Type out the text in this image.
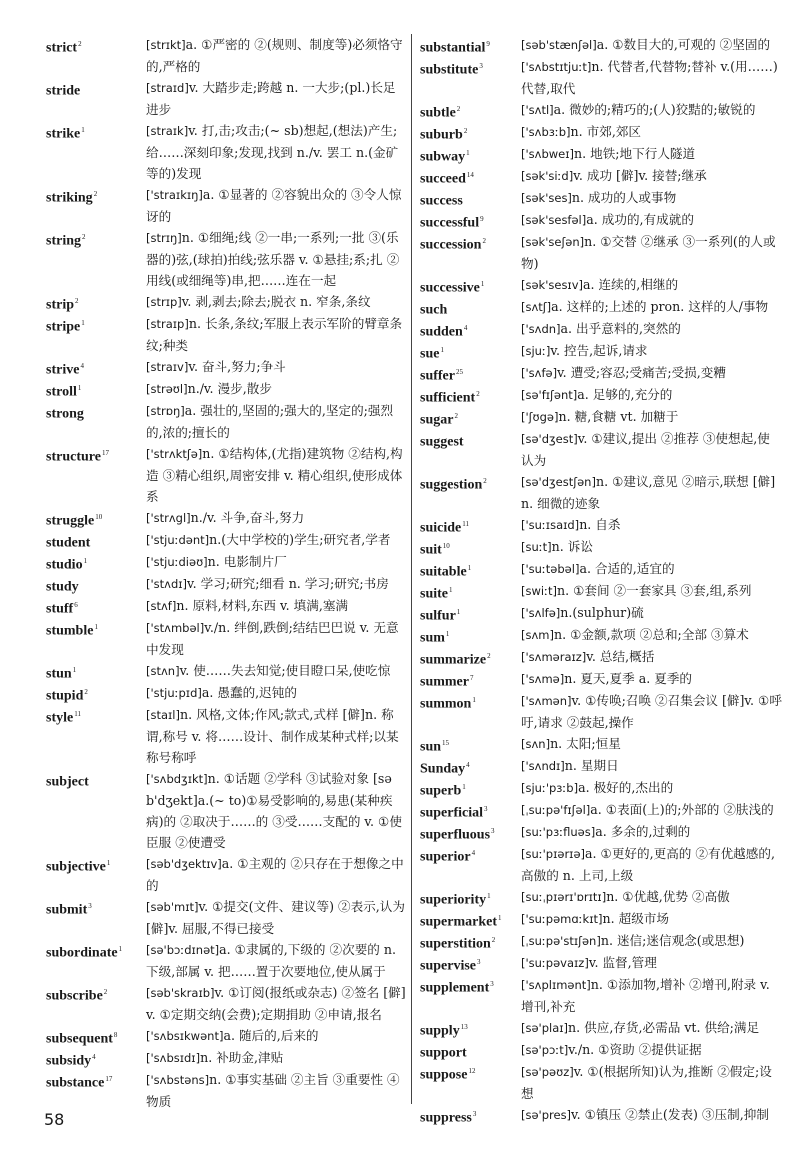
strict$^2$	[strɪkt]a. ①严密的 ②(规则、制度等)必须恪守的,严格的
stride	[straɪd]v. 大踏步走;跨越 n. 一大步;(pl.)长足进步
strike$^1$	[straɪk]v. 打,击;攻击;(~ sb)想起,(想法)产生;给……深刻印象;发现,找到 n./v. 罢工 n.(金矿等的)发现
striking$^2$	['straɪkɪŋ]a. ①显著的 ②容貌出众的 ③令人惊讶的
string$^2$	[strɪŋ]n. ①细绳;线 ②一串;一系列;一批 ③(乐器的)弦,(球拍)拍线;弦乐器 v. ①悬挂;系;扎 ②用线(或细绳等)串,把……连在一起
strip$^2$	[strɪp]v. 剥,剥去;除去;脱衣 n. 窄条,条纹
stripe$^1$	[straɪp]n. 长条,条纹;军服上表示军阶的臂章条纹;种类
strive$^4$	[straɪv]v. 奋斗,努力;争斗
stroll$^1$	[strəʊl]n./v. 漫步,散步
strong	[strɒŋ]a. 强壮的,坚固的;强大的,坚定的;强烈的,浓的;擅长的
structure$^{17}$	['strʌktʃə]n. ①结构体,(尤指)建筑物 ②结构,构造 ③精心组织,周密安排 v. 精心组织,使形成体系
struggle$^{10}$	['strʌgl]n./v. 斗争,奋斗,努力
student	['stjuːdənt]n.(大中学校的)学生;研究者,学者
studio$^1$	['stjuːdiəʊ]n. 电影制片厂
study	['stʌdɪ]v. 学习;研究;细看 n. 学习;研究;书房
stuff$^6$	[stʌf]n. 原料,材料,东西 v. 填满,塞满
stumble$^1$	['stʌmbəl]v./n. 绊倒,跌倒;结结巴巴说 v. 无意中发现
stun$^1$	[stʌn]v. 使……失去知觉;使目瞪口呆,使吃惊
stupid$^2$	['stjuːpɪd]a. 愚蠢的,迟钝的
style$^{11}$	[staɪl]n. 风格,文体;作风;款式,式样 [僻]n. 称谓,称号 v. 将……设计、制作成某种式样;以某称号称呼
subject	['sʌbdʒɪkt]n. ①话题 ②学科 ③试验对象 [səb'dʒekt]a.(~ to)①易受影响的,易患(某种疾病)的 ②取决于……的 ③受……支配的 v. ①使臣服 ②使遭受
subjective$^1$	[səb'dʒektɪv]a. ①主观的 ②只存在于想像之中的
submit$^3$	[səb'mɪt]v. ①提交(文件、建议等) ②表示,认为 [僻]v. 屈服,不得已接受
subordinate$^1$ [sə'bɔːdɪnət]a. ①隶属的,下级的 ②次要的 n. 下级,部属 v. 把……置于次要地位,使从属于
subscribe$^2$	[səb'skraɪb]v. ①订阅(报纸或杂志) ②签名 [僻]v. ①定期交纳(会费);定期捐助 ②申请,报名
subsequent$^8$ ['sʌbsɪkwənt]a. 随后的,后来的
subsidy$^4$	['sʌbsɪdɪ]n. 补助金,津贴
substance$^{17}$	['sʌbstəns]n. ①事实基础 ②主旨 ③重要性 ④物质
substantial$^9$	[səb'stænʃəl]a. ①数目大的,可观的 ②坚固的
substitute$^3$	['sʌbstɪtjuːt]n. 代替者,代替物;替补 v.(用……)代替,取代
subtle$^2$	['sʌtl]a. 微妙的;精巧的;(人)狡黠的;敏锐的
suburb$^2$	['sʌbɜːb]n. 市郊,郊区
subway$^1$	['sʌbweɪ]n. 地铁;地下行人隧道
succeed$^{14}$	[sək'siːd]v. 成功 [僻]v. 接替;继承
success	[sək'ses]n. 成功的人或事物
successful$^9$	[sək'sesfəl]a. 成功的,有成就的
succession$^2$	[sək'seʃən]n. ①交替 ②继承 ③一系列(的人或物)
successive$^1$	[sək'sesɪv]a. 连续的,相继的
such	[sʌtʃ]a. 这样的;上述的 pron. 这样的人/事物
sudden$^4$	['sʌdn]a. 出乎意料的,突然的
sue$^1$	[sjuː]v. 控告,起诉,请求
suffer$^{25}$	['sʌfə]v. 遭受;容忍;受痛苦;受损,变糟
sufficient$^2$	[sə'fɪʃənt]a. 足够的,充分的
sugar$^2$	['ʃʊgə]n. 糖,食糖 vt. 加糖于
suggest	[sə'dʒest]v. ①建议,提出 ②推荐 ③使想起,使认为
suggestion$^2$	[sə'dʒestʃən]n. ①建议,意见 ②暗示,联想 [僻]n. 细微的迹象
suicide$^{11}$	['suːɪsaɪd]n. 自杀
suit$^{10}$	[suːt]n. 诉讼
suitable$^1$	['suːtəbəl]a. 合适的,适宜的
suite$^1$	[swiːt]n. ①套间 ②一套家具 ③套,组,系列
sulfur$^1$	['sʌlfə]n.(sulphur)硫
sum$^1$	[sʌm]n. ①金额,款项 ②总和;全部 ③算术
summarize$^2$	['sʌməraɪz]v. 总结,概括
summer$^7$	['sʌmə]n. 夏天,夏季 a. 夏季的
summon$^1$	['sʌmən]v. ①传唤;召唤 ②召集会议 [僻]v. ①呼吁,请求 ②鼓起,操作
sun$^{15}$	[sʌn]n. 太阳;恒星
Sunday$^4$	['sʌndɪ]n. 星期日
superb$^1$	[sjuː'pɜːb]a. 极好的,杰出的
superficial$^3$	[ˌsuːpə'fɪʃəl]a. ①表面(上)的;外部的 ②肤浅的
superfluous$^3$ [suː'pɜːfluəs]a. 多余的,过剩的
superior$^4$	[suː'pɪərɪə]a. ①更好的,更高的 ②有优越感的,高傲的 n. 上司,上级
superiority$^1$	[suːˌpɪərɪ'ɒrɪtɪ]n. ①优越,优势 ②高傲
supermarket$^1$ ['suːpəmɑːkɪt]n. 超级市场
superstition$^2$ [ˌsuːpə'stɪʃən]n. 迷信;迷信观念(或思想)
supervise$^3$	['suːpəvaɪz]v. 监督,管理
supplement$^3$ ['sʌplɪmənt]n. ①添加物,增补 ②增刊,附录 v. 增刊,补充
supply$^{13}$	[sə'plaɪ]n. 供应,存货,必需品 vt. 供给;满足
support	[sə'pɔːt]v./n. ①资助 ②提供证据
suppose$^{12}$	[sə'pəʊz]v. ①(根据所知)认为,推断 ②假定;设想
suppress$^3$	[sə'pres]v. ①镇压 ②禁止(发表) ③压制,抑制
58
